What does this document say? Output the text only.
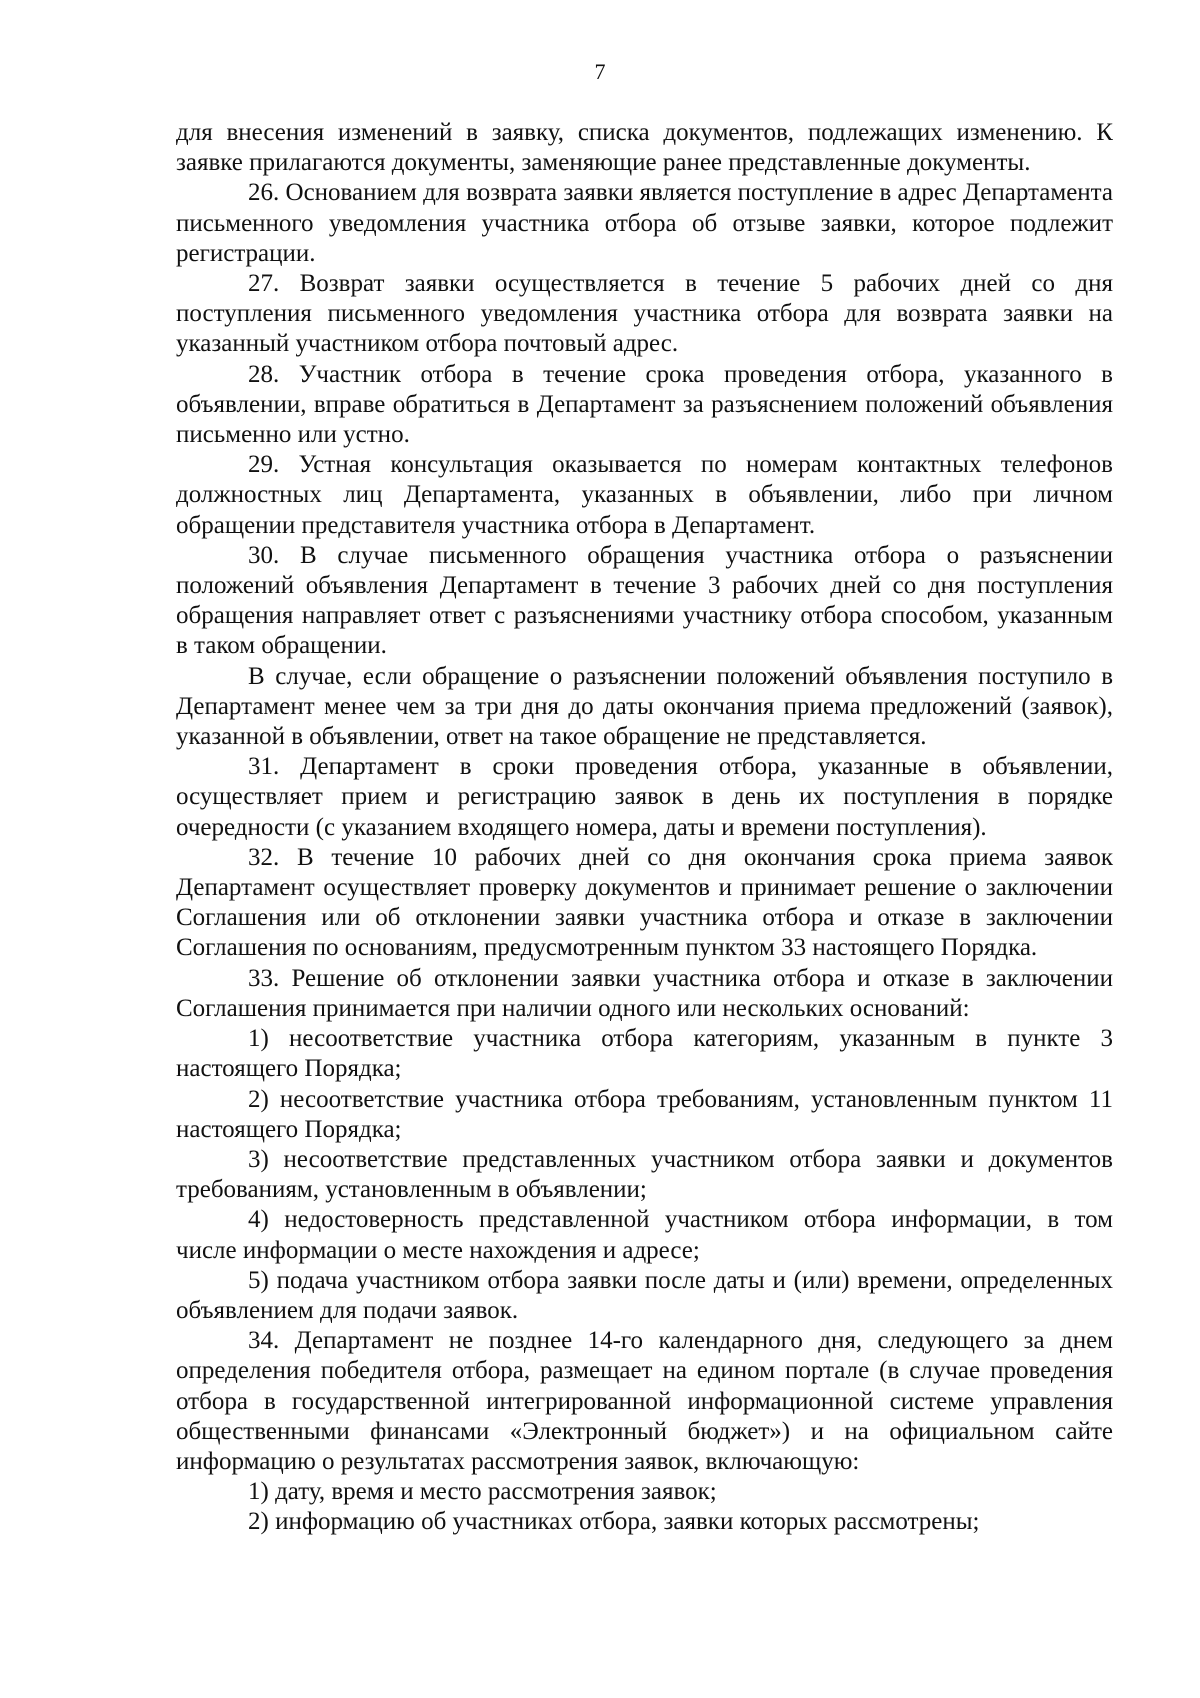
7

для внесения изменений в заявку, списка документов, подлежащих изменению. К заявке прилагаются документы, заменяющие ранее представленные документы.

26. Основанием для возврата заявки является поступление в адрес Департамента письменного уведомления участника отбора об отзыве заявки, которое подлежит регистрации.

27. Возврат заявки осуществляется в течение 5 рабочих дней со дня поступления письменного уведомления участника отбора для возврата заявки на указанный участником отбора почтовый адрес.

28. Участник отбора в течение срока проведения отбора, указанного в объявлении, вправе обратиться в Департамент за разъяснением положений объявления письменно или устно.

29. Устная консультация оказывается по номерам контактных телефонов должностных лиц Департамента, указанных в объявлении, либо при личном обращении представителя участника отбора в Департамент.

30. В случае письменного обращения участника отбора о разъяснении положений объявления Департамент в течение 3 рабочих дней со дня поступления обращения направляет ответ с разъяснениями участнику отбора способом, указанным в таком обращении.

В случае, если обращение о разъяснении положений объявления поступило в Департамент менее чем за три дня до даты окончания приема предложений (заявок), указанной в объявлении, ответ на такое обращение не представляется.

31. Департамент в сроки проведения отбора, указанные в объявлении, осуществляет прием и регистрацию заявок в день их поступления в порядке очередности (с указанием входящего номера, даты и времени поступления).

32. В течение 10 рабочих дней со дня окончания срока приема заявок Департамент осуществляет проверку документов и принимает решение о заключении Соглашения или об отклонении заявки участника отбора и отказе в заключении Соглашения по основаниям, предусмотренным пунктом 33 настоящего Порядка.

33. Решение об отклонении заявки участника отбора и отказе в заключении Соглашения принимается при наличии одного или нескольких оснований:

1) несоответствие участника отбора категориям, указанным в пункте 3 настоящего Порядка;

2) несоответствие участника отбора требованиям, установленным пунктом 11 настоящего Порядка;

3) несоответствие представленных участником отбора заявки и документов требованиям, установленным в объявлении;

4) недостоверность представленной участником отбора информации, в том числе информации о месте нахождения и адресе;

5) подача участником отбора заявки после даты и (или) времени, определенных объявлением для подачи заявок.

34. Департамент не позднее 14-го календарного дня, следующего за днем определения победителя отбора, размещает на едином портале (в случае проведения отбора в государственной интегрированной информационной системе управления общественными финансами «Электронный бюджет») и на официальном сайте информацию о результатах рассмотрения заявок, включающую:

1) дату, время и место рассмотрения заявок;

2) информацию об участниках отбора, заявки которых рассмотрены;
